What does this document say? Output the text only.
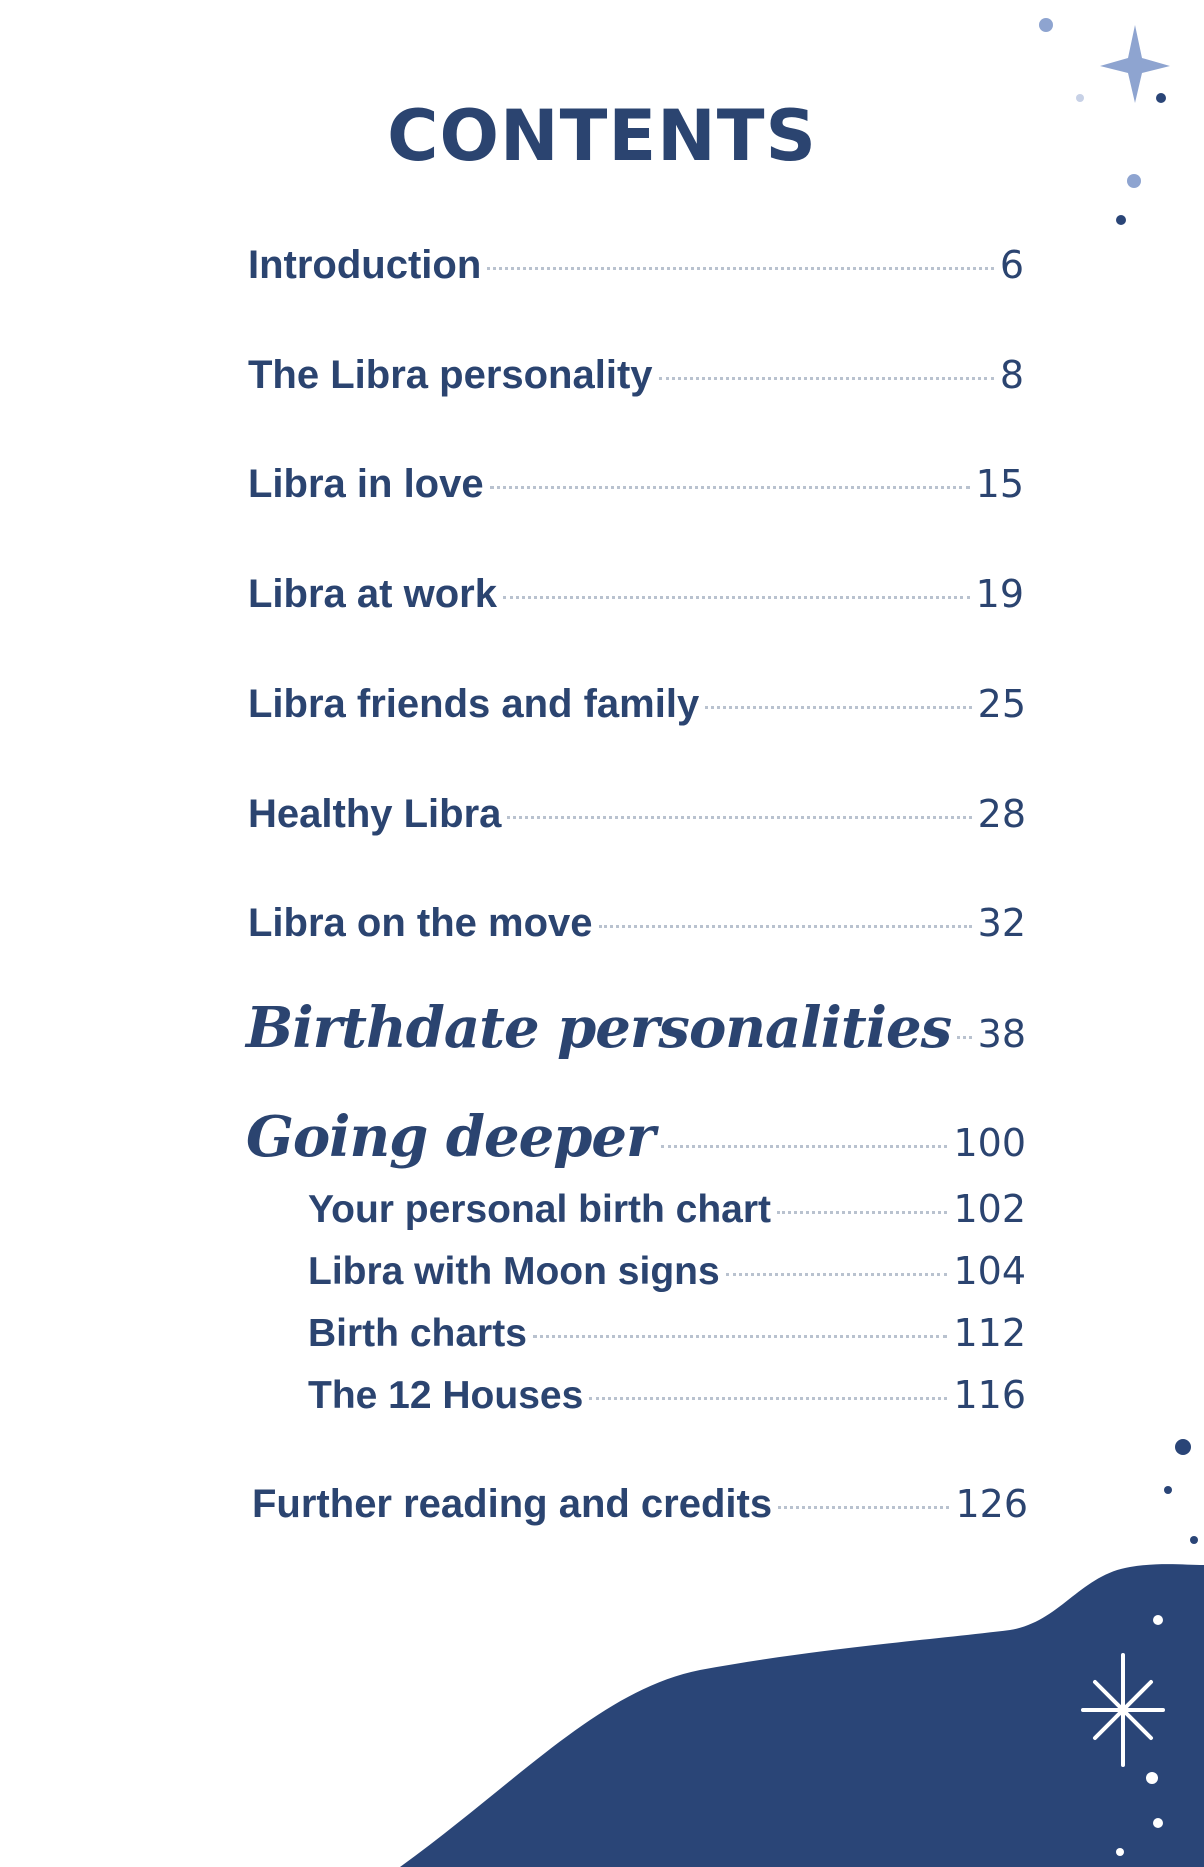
CONTENTS
Introduction	6
The Libra personality	8
Libra in love	15
Libra at work	19
Libra friends and family	25
Healthy Libra	28
Libra on the move	32
Birthdate personalities 38
Going deeper	100
Your personal birth chart	102
Libra with Moon signs	104
Birth charts	112
The 12 Houses	116
Further reading and credits	126
